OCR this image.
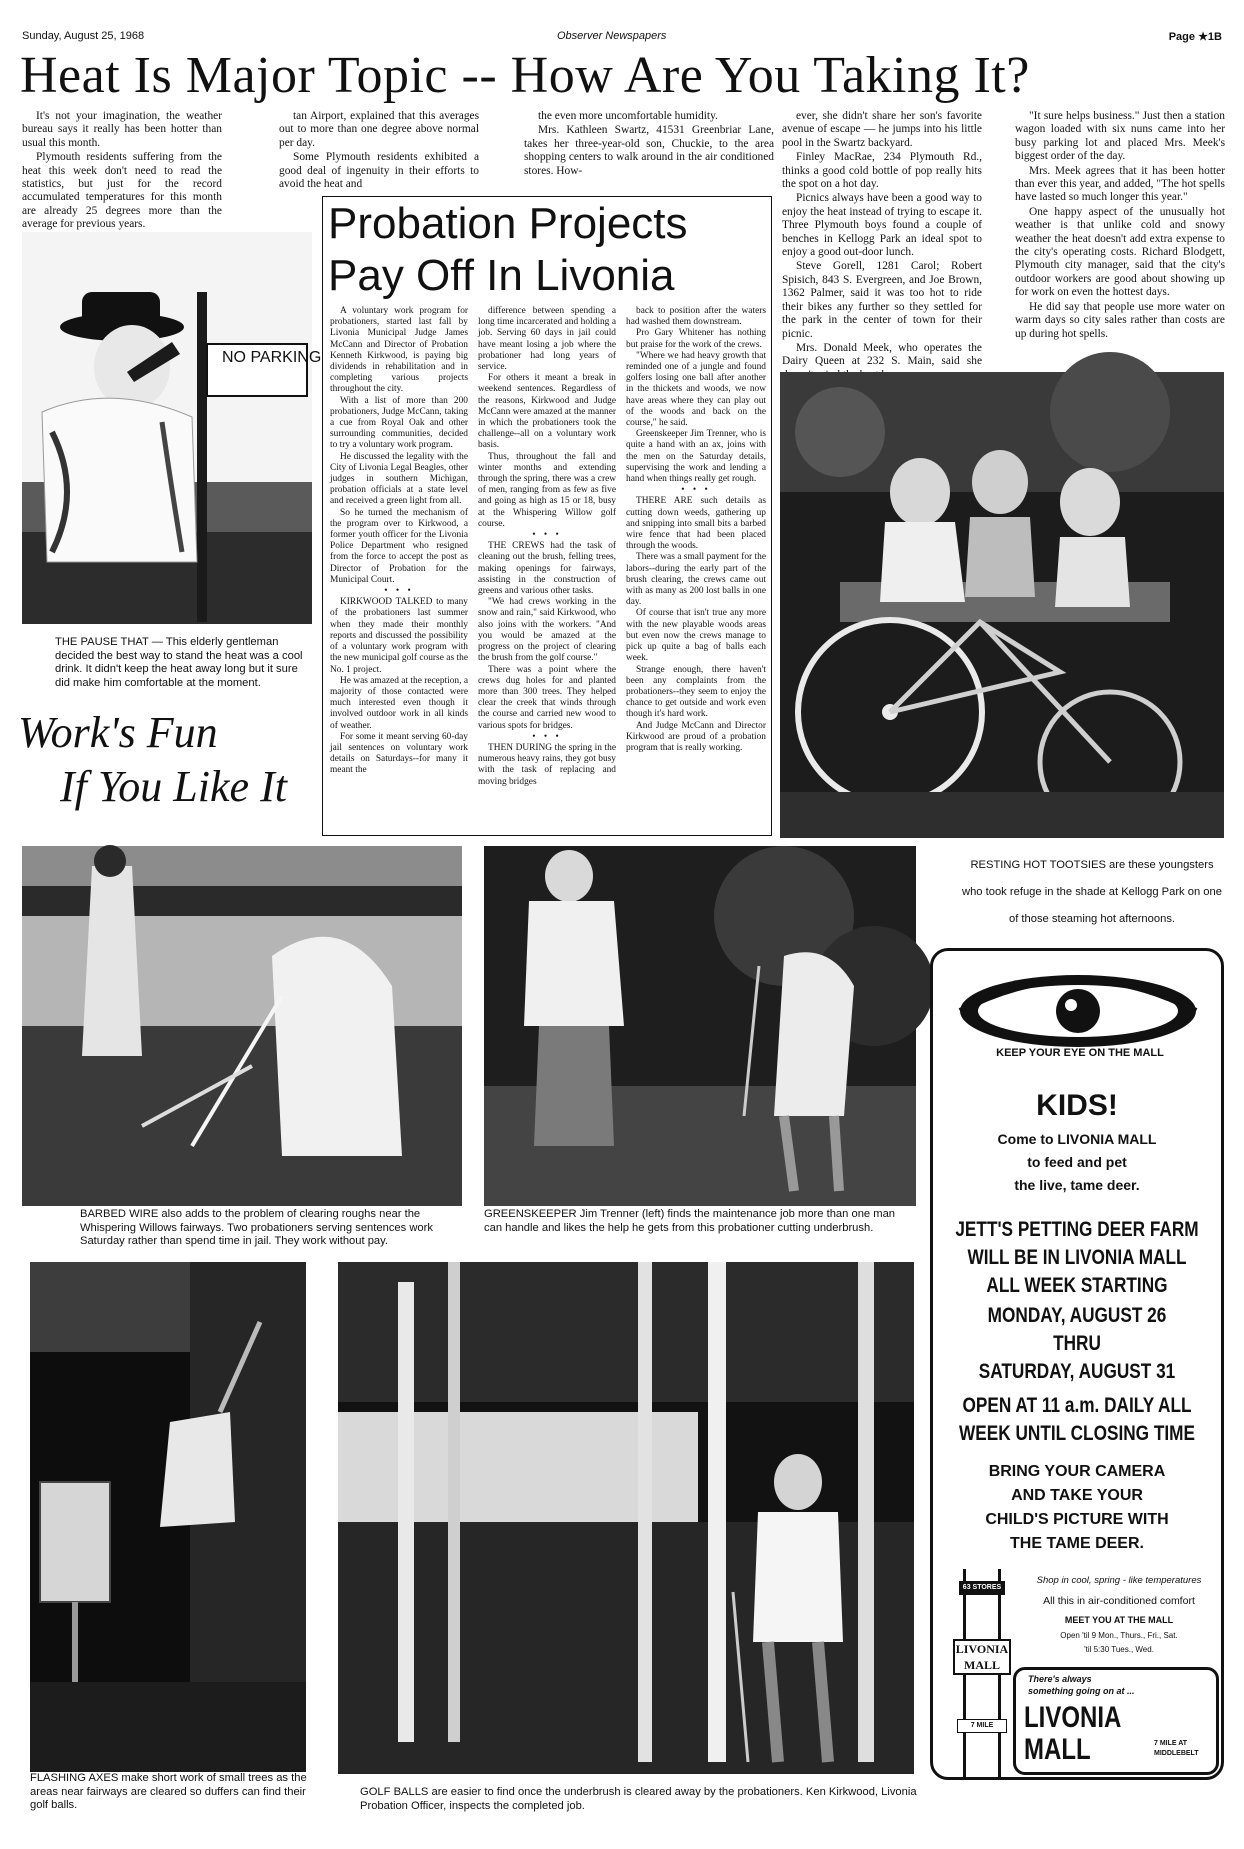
Sunday, August 25, 1968	Observer Newspapers	Page ★1B
Heat Is Major Topic -- How Are You Taking It?

It's not your imagination, the weather bureau says it really has been hotter than usual this month.

Plymouth residents suffering from the heat this week don't need to read the statistics, but just for the record accumulated temperatures for this month are already 25 degrees more than the average for previous years.

tan Airport, explained that this averages out to more than one degree above normal per day.

Some Plymouth residents exhibited a good deal of ingenuity in their efforts to avoid the heat and

the even more uncomfortable humidity.

Mrs. Kathleen Swartz, 41531 Greenbriar Lane, takes her three-year-old son, Chuckie, to the area shopping centers to walk around in the air conditioned stores. How-

ever, she didn't share her son's favorite avenue of escape — he jumps into his little pool in the Swartz backyard.

Finley MacRae, 234 Plymouth Rd., thinks a good cold bottle of pop really hits the spot on a hot day.

Picnics always have been a good way to enjoy the heat instead of trying to escape it. Three Plymouth boys found a couple of benches in Kellogg Park an ideal spot to enjoy a good out-door lunch.

Steve Gorell, 1281 Carol; Robert Spisich, 843 S. Evergreen, and Joe Brown, 1362 Palmer, said it was too hot to ride their bikes any further so they settled for the park in the center of town for their picnic.

Mrs. Donald Meek, who operates the Dairy Queen at 232 S. Main, said she

"It sure helps business." Just then a station wagon loaded with six nuns came into her busy parking lot and placed Mrs. Meek's biggest order of the day.

Mrs. Meek agrees that it has been hotter than ever this year, and added, "The hot spells have lasted so much longer this year."

One happy aspect of the unusually hot weather is that unlike cold and snowy weather the heat doesn't add extra expense to the city's operating costs. Richard Blodgett, Plymouth city manager, said that the city's outdoor workers are good about showing up for work on even the hottest days.

He did say that people use more water on warm days so city sales rather than costs are up during hot spells.

NO PARKING
THE PAUSE THAT — This elderly gentleman decided the best way to stand the heat was a cool drink. It didn't keep the heat away long but it sure did make him comfortable at the moment.
Work's Fun
If You Like It
Probation Projects
Pay Off In Livonia

A voluntary work program for probationers, started last fall by Livonia Municipal Judge James McCann and Director of Probation Kenneth Kirkwood, is paying big dividends in rehabilitation and in completing various projects throughout the city.

With a list of more than 200 probationers, Judge McCann, taking a cue from Royal Oak and other surrounding communities, decided to try a voluntary work program.

He discussed the legality with the City of Livonia Legal Beagles, other judges in southern Michigan, probation officials at a state level and received a green light from all.

So he turned the mechanism of the program over to Kirkwood, a former youth officer for the Livonia Police Department who resigned from the force to accept the post as Director of Probation for the Municipal Court.

• • •

KIRKWOOD TALKED to many of the probationers last summer when they made their monthly reports and discussed the possibility of a voluntary work program with the new municipal golf course as the No. 1 project.

He was amazed at the reception, a majority of those contacted were much interested even though it involved outdoor work in all kinds of weather.

For some it meant serving 60-day jail sentences on voluntary work details on Saturdays--for many it meant the

difference between spending a long time incarcerated and holding a job. Serving 60 days in jail could have meant losing a job where the probationer had long years of service.

For others it meant a break in weekend sentences. Regardless of the reasons, Kirkwood and Judge McCann were amazed at the manner in which the probationers took the challenge--all on a voluntary work basis.

Thus, throughout the fall and winter months and extending through the spring, there was a crew of men, ranging from as few as five and going as high as 15 or 18, busy at the Whispering Willow golf course.

• • •

THE CREWS had the task of cleaning out the brush, felling trees, making openings for fairways, assisting in the construction of greens and various other tasks.

"We had crews working in the snow and rain," said Kirkwood, who also joins with the workers. "And you would be amazed at the progress on the project of clearing the brush from the golf course."

There was a point where the crews dug holes for and planted more than 300 trees. They helped clear the creek that winds through the course and carried new wood to various spots for bridges.

• • •

THEN DURING the spring in the numerous heavy rains, they got busy with the task of replacing and moving bridges

back to position after the waters had washed them downstream.

Pro Gary Whitener has nothing but praise for the work of the crews.

"Where we had heavy growth that reminded one of a jungle and found golfers losing one ball after another in the thickets and woods, we now have areas where they can play out of the woods and back on the course," he said.

Greenskeeper Jim Trenner, who is quite a hand with an ax, joins with the men on the Saturday details, supervising the work and lending a hand when things really get rough.

• • •

THERE ARE such details as cutting down weeds, gathering up and snipping into small bits a barbed wire fence that had been placed through the woods.

There was a small payment for the labors--during the early part of the brush clearing, the crews came out with as many as 200 lost balls in one day.

Of course that isn't true any more with the new playable woods areas but even now the crews manage to pick up quite a bag of balls each week.

Strange enough, there haven't been any complaints from the probationers--they seem to enjoy the chance to get outside and work even though it's hard work.

And Judge McCann and Director Kirkwood are proud of a probation program that is really working.

RESTING HOT TOOTSIES are these youngsters who took refuge in the shade at Kellogg Park on one of those steaming hot afternoons.
BARBED WIRE also adds to the problem of clearing roughs near the Whispering Willows fairways. Two probationers serving sentences work Saturday rather than spend time in jail. They work without pay.
GREENSKEEPER Jim Trenner (left) finds the maintenance job more than one man can handle and likes the help he gets from this probationer cutting underbrush.
FLASHING AXES make short work of small trees as the areas near fairways are cleared so duffers can find their golf balls.
GOLF BALLS are easier to find once the underbrush is cleared away by the probationers. Ken Kirkwood, Livonia Probation Officer, inspects the completed job.
KEEP YOUR EYE ON THE MALL
KIDS!
Come to LIVONIA MALL
to feed and pet
the live, tame deer.
JETT'S PETTING DEER FARM
WILL BE IN LIVONIA MALL
ALL WEEK STARTING
MONDAY, AUGUST 26
THRU
SATURDAY, AUGUST 31
OPEN AT 11 a.m. DAILY ALL
WEEK UNTIL CLOSING TIME
BRING YOUR CAMERA
AND TAKE YOUR
CHILD'S PICTURE WITH
THE TAME DEER.
63 STORES
LIVONIA MALL
7 MILE
Shop in cool, spring - like temperatures
All this in air-conditioned comfort
MEET YOU AT THE MALL
Open 'til 9 Mon., Thurs., Fri., Sat.
'til 5:30 Tues., Wed.
There's always
something going on at ...
LIVONIA
MALL	7 MILE AT
MIDDLEBELT
